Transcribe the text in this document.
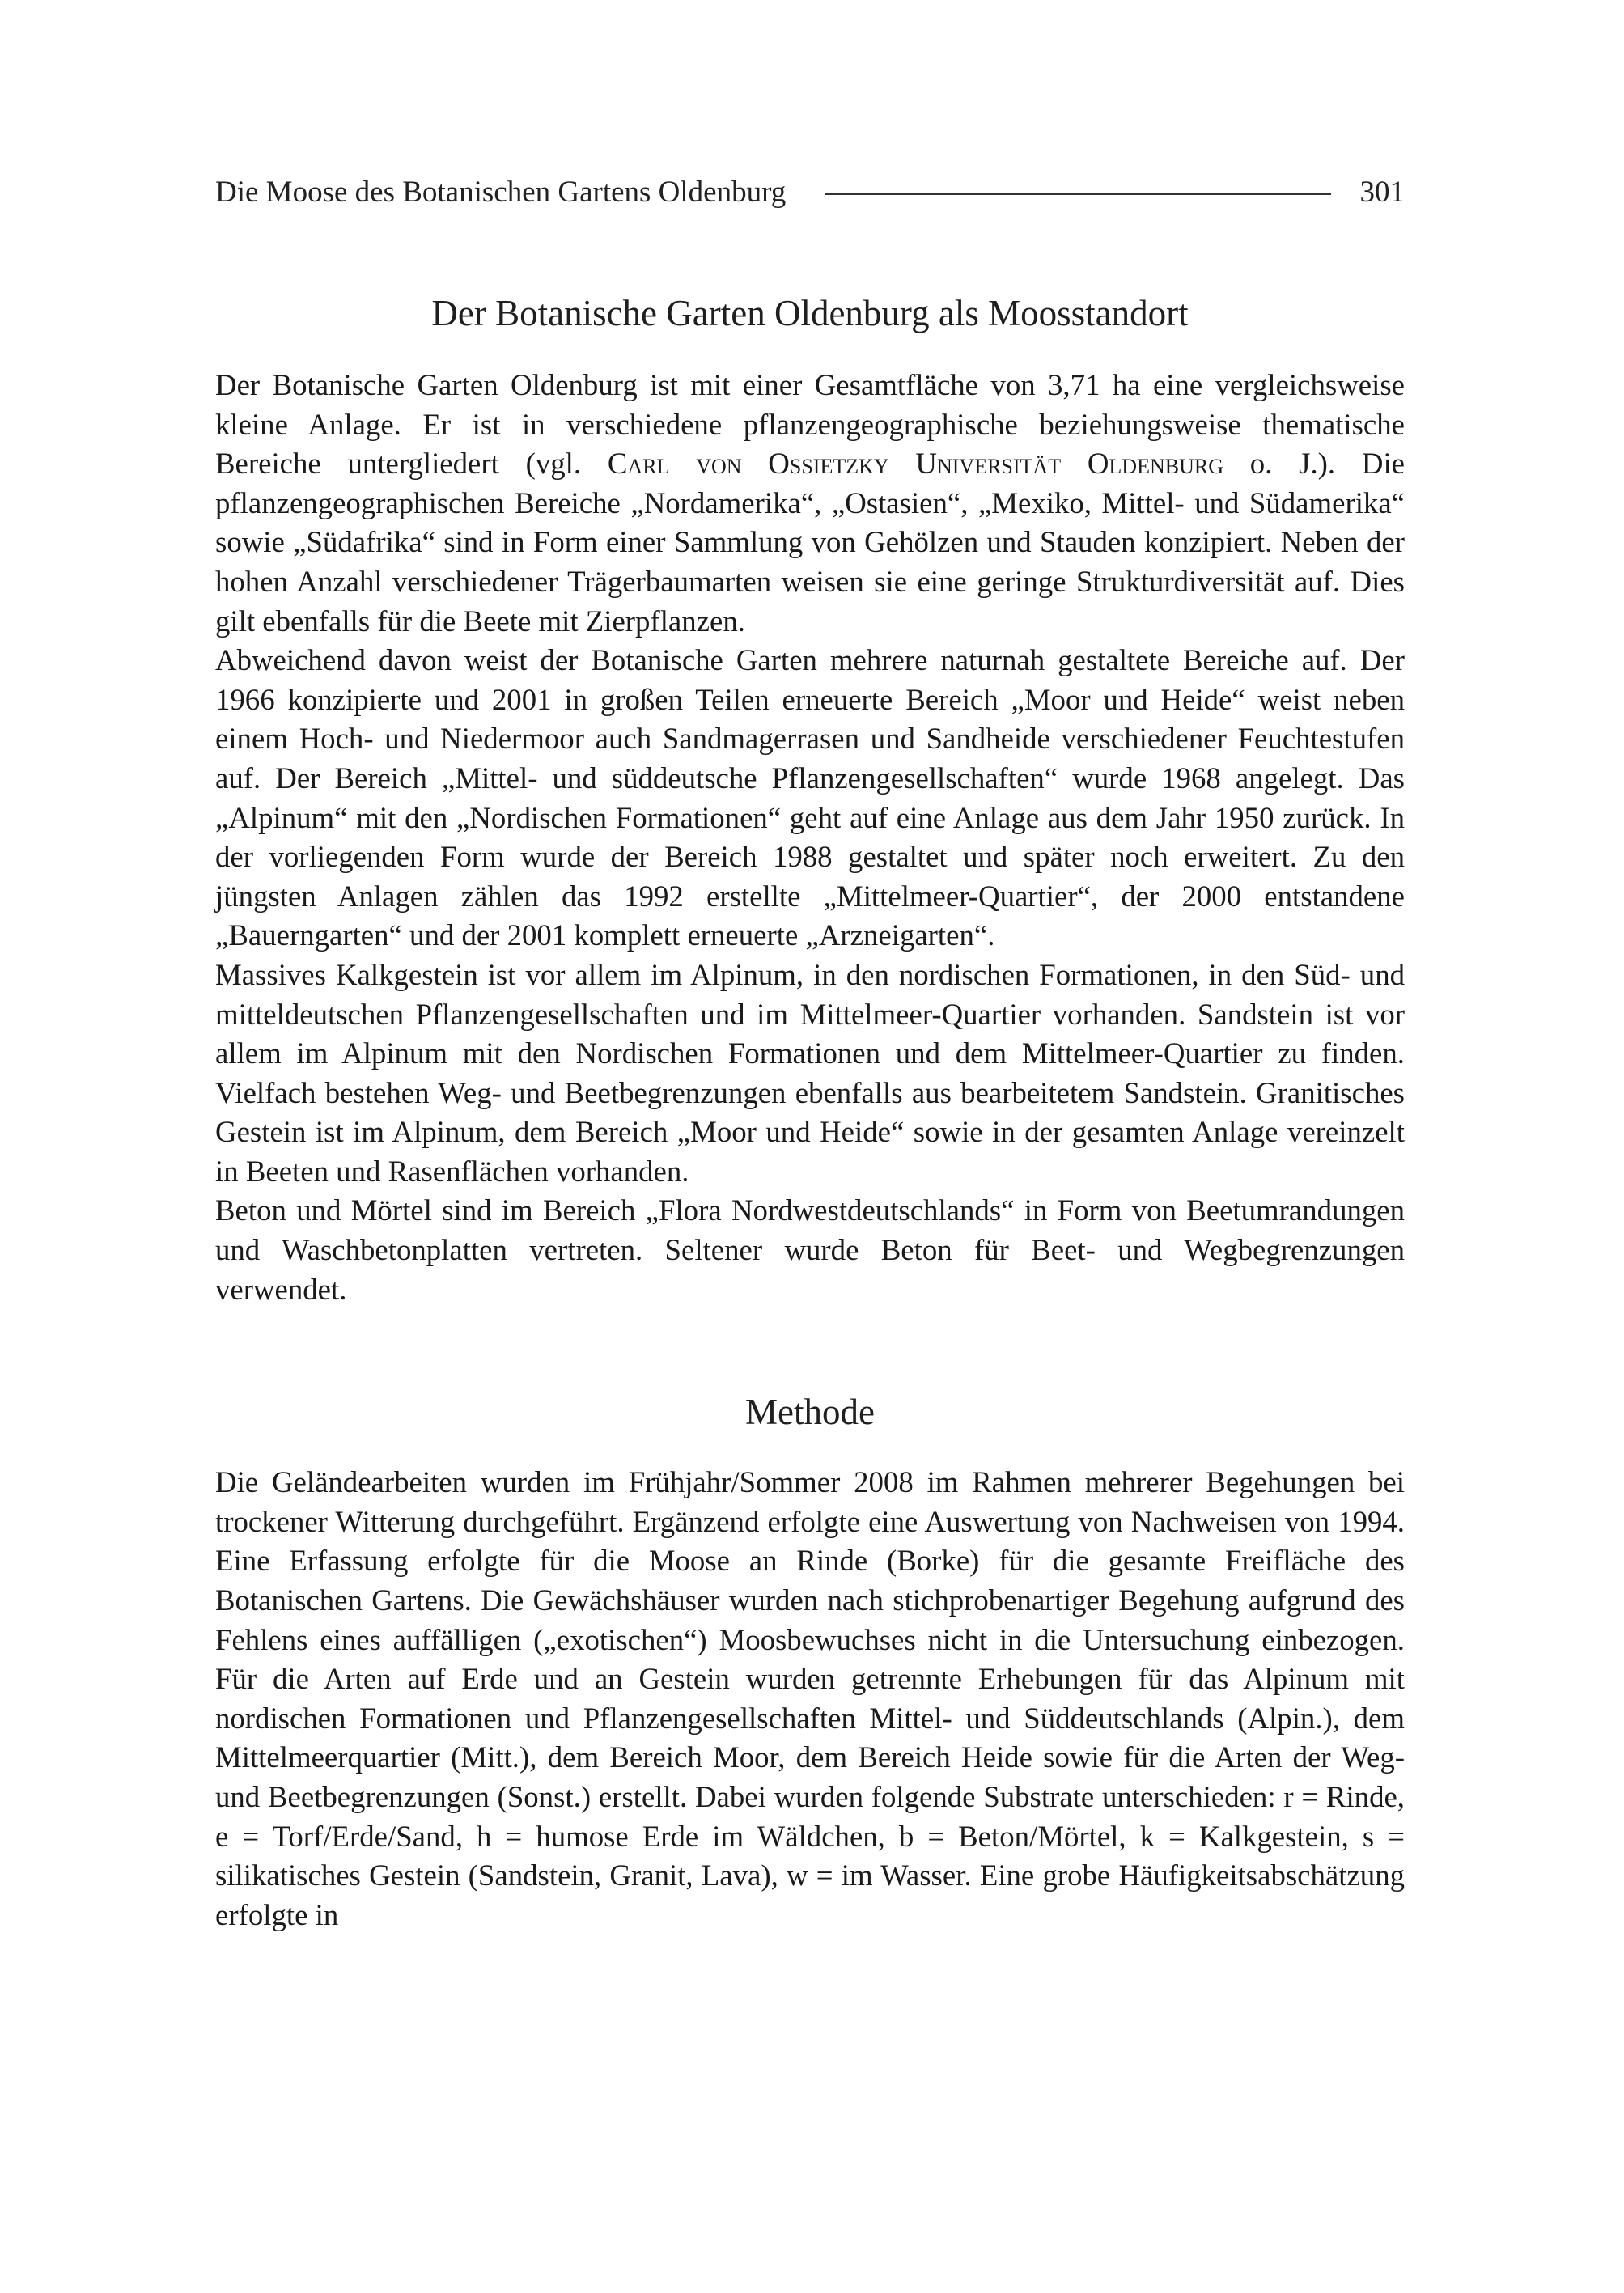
Die Moose des Botanischen Gartens Oldenburg	301
Der Botanische Garten Oldenburg als Moosstandort

Der Botanische Garten Oldenburg ist mit einer Gesamtfläche von 3,71 ha eine vergleichsweise kleine Anlage. Er ist in verschiedene pflanzengeographische beziehungsweise thematische Bereiche untergliedert (vgl. Carl von Ossietzky Universität Oldenburg o. J.). Die pflanzengeographischen Bereiche „Nordamerika“, „Ostasien“, „Mexiko, Mittel- und Südamerika“ sowie „Südafrika“ sind in Form einer Sammlung von Gehölzen und Stauden konzipiert. Neben der hohen Anzahl verschiedener Trägerbaumarten weisen sie eine geringe Strukturdiversität auf. Dies gilt ebenfalls für die Beete mit Zierpflanzen.

Abweichend davon weist der Botanische Garten mehrere naturnah gestaltete Bereiche auf. Der 1966 konzipierte und 2001 in großen Teilen erneuerte Bereich „Moor und Heide“ weist neben einem Hoch- und Niedermoor auch Sandmagerrasen und Sandheide verschiedener Feuchtestufen auf. Der Bereich „Mittel- und süddeutsche Pflanzengesellschaften“ wurde 1968 angelegt. Das „Alpinum“ mit den „Nordischen Formationen“ geht auf eine Anlage aus dem Jahr 1950 zurück. In der vorliegenden Form wurde der Bereich 1988 gestaltet und später noch erweitert. Zu den jüngsten Anlagen zählen das 1992 erstellte „Mittelmeer-Quartier“, der 2000 entstandene „Bauerngarten“ und der 2001 komplett erneuerte „Arzneigarten“.

Massives Kalkgestein ist vor allem im Alpinum, in den nordischen Formationen, in den Süd- und mitteldeutschen Pflanzengesellschaften und im Mittelmeer-Quartier vorhanden. Sandstein ist vor allem im Alpinum mit den Nordischen Formationen und dem Mittelmeer-Quartier zu finden. Vielfach bestehen Weg- und Beetbegrenzungen ebenfalls aus bearbeitetem Sandstein. Granitisches Gestein ist im Alpinum, dem Bereich „Moor und Heide“ sowie in der gesamten Anlage vereinzelt in Beeten und Rasenflächen vorhanden.

Beton und Mörtel sind im Bereich „Flora Nordwestdeutschlands“ in Form von Beetumrandungen und Waschbetonplatten vertreten. Seltener wurde Beton für Beet- und Wegbegrenzungen verwendet.

Methode

Die Geländearbeiten wurden im Frühjahr/Sommer 2008 im Rahmen mehrerer Begehungen bei trockener Witterung durchgeführt. Ergänzend erfolgte eine Auswertung von Nachweisen von 1994. Eine Erfassung erfolgte für die Moose an Rinde (Borke) für die gesamte Freifläche des Botanischen Gartens. Die Gewächshäuser wurden nach stichprobenartiger Begehung aufgrund des Fehlens eines auffälligen („exotischen“) Moosbewuchses nicht in die Untersuchung einbezogen. Für die Arten auf Erde und an Gestein wurden getrennte Erhebungen für das Alpinum mit nordischen Formationen und Pflanzengesellschaften Mittel- und Süddeutschlands (Alpin.), dem Mittelmeerquartier (Mitt.), dem Bereich Moor, dem Bereich Heide sowie für die Arten der Weg- und Beetbegrenzungen (Sonst.) erstellt. Dabei wurden folgende Substrate unterschieden: r = Rinde, e = Torf/Erde/Sand, h = humose Erde im Wäldchen, b = Beton/Mörtel, k = Kalkgestein, s = silikatisches Gestein (Sandstein, Granit, Lava), w = im Wasser. Eine grobe Häufigkeitsabschätzung erfolgte in
